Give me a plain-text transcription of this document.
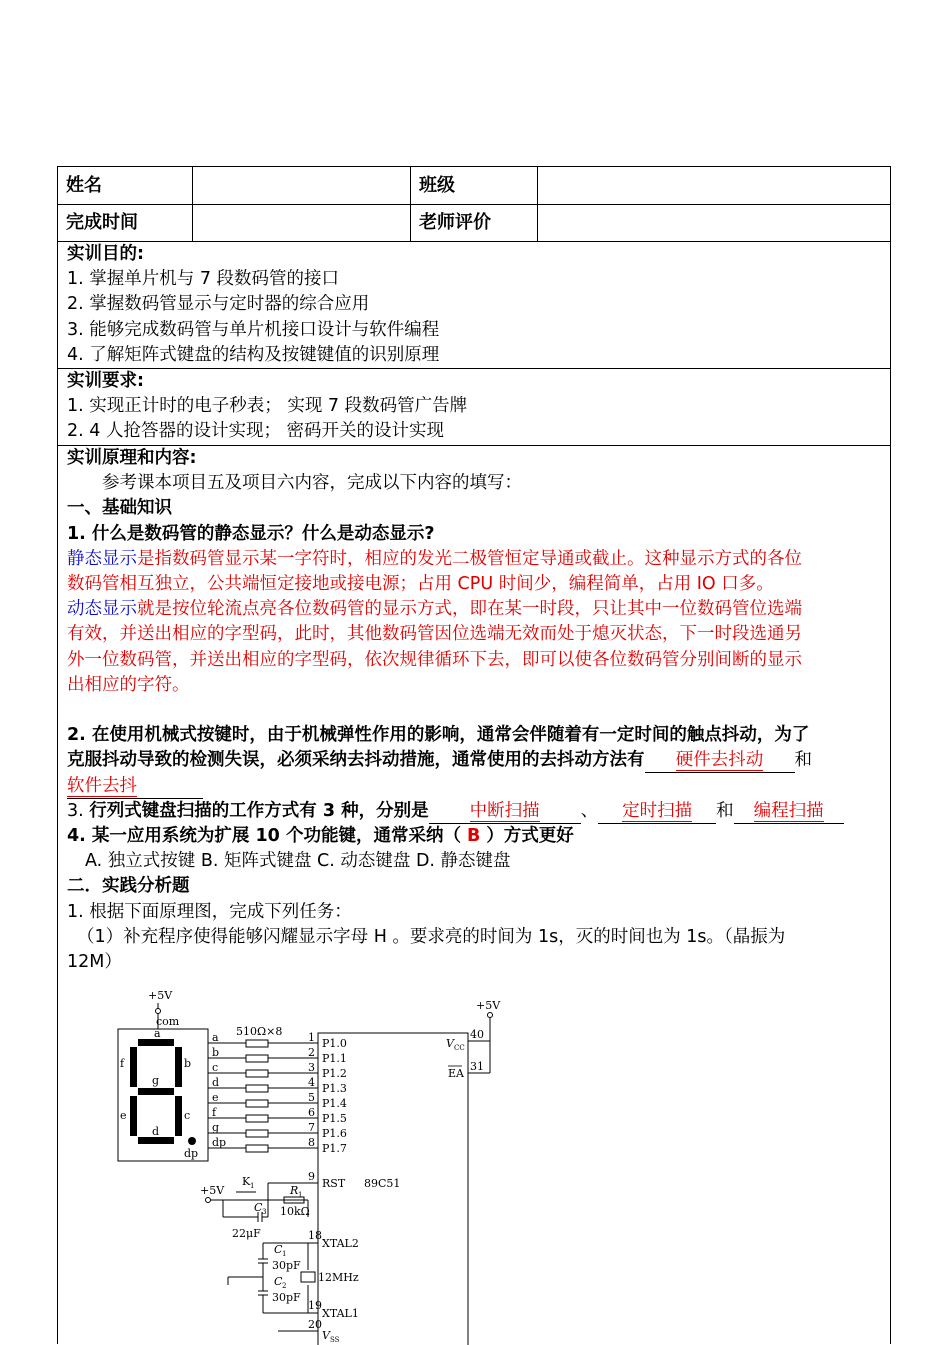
姓名	班级
完成时间	老师评价
实训目的:
1. 掌握单片机与 7 段数码管的接口
2. 掌握数码管显示与定时器的综合应用
3. 能够完成数码管与单片机接口设计与软件编程
4. 了解矩阵式键盘的结构及按键键值的识别原理
实训要求:
1. 实现正计时的电子秒表； 实现 7 段数码管广告牌
2. 4 人抢答器的设计实现； 密码开关的设计实现
实训原理和内容:
参考课本项目五及项目六内容，完成以下内容的填写：
一、基础知识
1. 什么是数码管的静态显示？什么是动态显示?
静态显示是指数码管显示某一字符时，相应的发光二极管恒定导通或截止。这种显示方式的各位
数码管相互独立，公共端恒定接地或接电源；占用 CPU 时间少，编程简单，占用 IO 口多。
动态显示就是按位轮流点亮各位数码管的显示方式，即在某一时段，只让其中一位数码管位选端
有效，并送出相应的字型码，此时，其他数码管因位选端无效而处于熄灭状态，下一时段选通另
外一位数码管，并送出相应的字型码，依次规律循环下去，即可以使各位数码管分别间断的显示
出相应的字符。

2. 在使用机械式按键时，由于机械弹性作用的影响，通常会伴随着有一定时间的触点抖动，为了
克服抖动导致的检测失误，必须采纳去抖动措施，通常使用的去抖动方法有 硬件去抖动 和
软件去抖
3. 行列式键盘扫描的工作方式有 3 种，分别是 中断扫描 、 定时扫描 和 编程扫描
4. 某一应用系统为扩展 10 个功能键，通常采纳（ B ）方式更好
A. 独立式按键 B. 矩阵式键盘 C. 动态键盘 D. 静态键盘
二．实践分析题
1. 根据下面原理图，完成下列任务：
（1）补充程序使得能够闪耀显示字母 H 。要求亮的时间为 1s，灭的时间也为 1s。（晶振为
12M）
+5V
com
+5V
510Ω×8
a
b
c
d
e
f
g
dp
a
b
c
d
e
f
g
dp
1
2
3
4
5
6
7
8
P1.0
P1.1
P1.2
P1.3
P1.4
P1.5
P1.6
P1.7
V CC
EA
40
31
9
RST 89C51
K 1
+5V	R 1
10kΩ
C 3
22μF	18
XTAL2
C 1
30pF
C 2
30pF
12MHz
19
XTAL1
20
V SS
